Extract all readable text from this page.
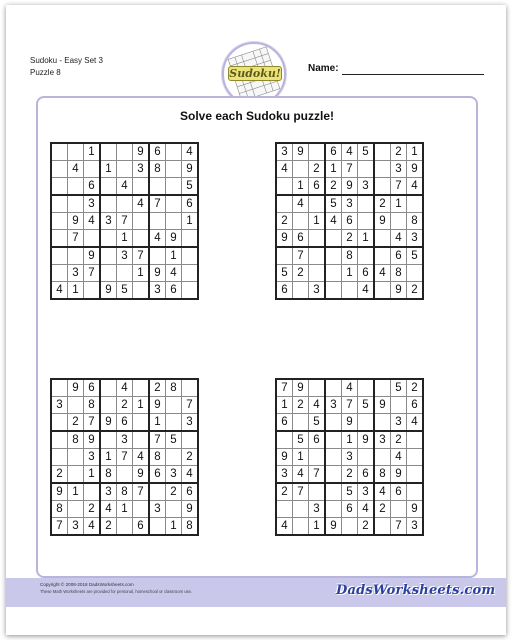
Sudoku - Easy Set 3
Puzzle 8	Sudoku!	Name:
Solve each Sudoku puzzle!
		1			9	6		4
	4		1		3	8		9
		6		4				5
		3			4	7		6
	9	4	3	7				1
	7			1		4	9	
		9		3	7		1	
	3	7			1	9	4	
4	1		9	5		3	6	
3	9		6	4	5		2	1
4		2	1	7			3	9
	1	6	2	9	3		7	4
	4		5	3		2	1	
2		1	4	6		9		8
9	6			2	1		4	3
	7			8			6	5
5	2			1	6	4	8	
6		3			4		9	2
	9	6		4		2	8	
3		8		2	1	9		7
	2	7	9	6		1		3
	8	9		3		7	5	
		3	1	7	4	8		2
2		1	8		9	6	3	4
9	1		3	8	7		2	6
8		2	4	1		3		9
7	3	4	2		6		1	8
7	9			4			5	2
1	2	4	3	7	5	9		6
6		5		9			3	4
	5	6		1	9	3	2	
9	1			3			4	
3	4	7		2	6	8	9	
2	7			5	3	4	6	
		3		6	4	2		9
4		1	9		2		7	3
Copyright © 2008-2018 DadsWorksheets.com
These Math Worksheets are provided for personal, homeschool or classroom use.	DadsWorksheets.com
